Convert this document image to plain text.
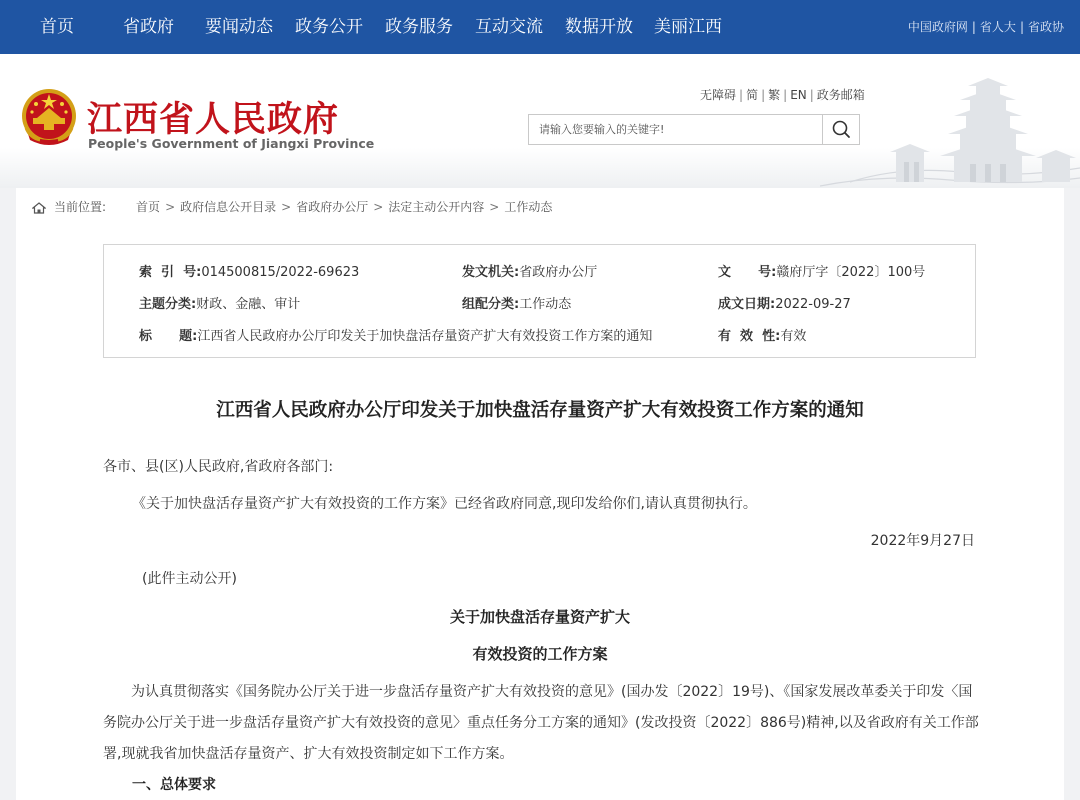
首页	省政府 要闻动态 政务公开 政务服务 互动交流 数据开放 美丽江西	中国政府网 | 省人大 | 省政协
江西省人民政府
People's Government of Jiangxi Province
无障碍 | 简 | 繁 | EN | 政务邮箱
请输入您要输入的关键字!
当前位置:	首页 > 政府信息公开目录 > 省政府办公厅 > 法定主动公开内容 > 工作动态
索  引  号:014500815/2022-69623	发文机关:省政府办公厅	文      号:赣府厅字〔2022〕100号
主题分类:财政、金融、审计	组配分类:工作动态	成文日期:2022-09-27
标      题:江西省人民政府办公厅印发关于加快盘活存量资产扩大有效投资工作方案的通知	有  效  性:有效
江西省人民政府办公厅印发关于加快盘活存量资产扩大有效投资工作方案的通知
各市、县(区)人民政府,省政府各部门:
《关于加快盘活存量资产扩大有效投资的工作方案》已经省政府同意,现印发给你们,请认真贯彻执行。
2022年9月27日
(此件主动公开)
关于加快盘活存量资产扩大
有效投资的工作方案
为认真贯彻落实《国务院办公厅关于进一步盘活存量资产扩大有效投资的意见》(国办发〔2022〕19号)、《国家发展改革委关于印发〈国务院办公厅关于进一步盘活存量资产扩大有效投资的意见〉重点任务分工方案的通知》(发改投资〔2022〕886号)精神,以及省政府有关工作部署,现就我省加快盘活存量资产、扩大有效投资制定如下工作方案。
一、总体要求
